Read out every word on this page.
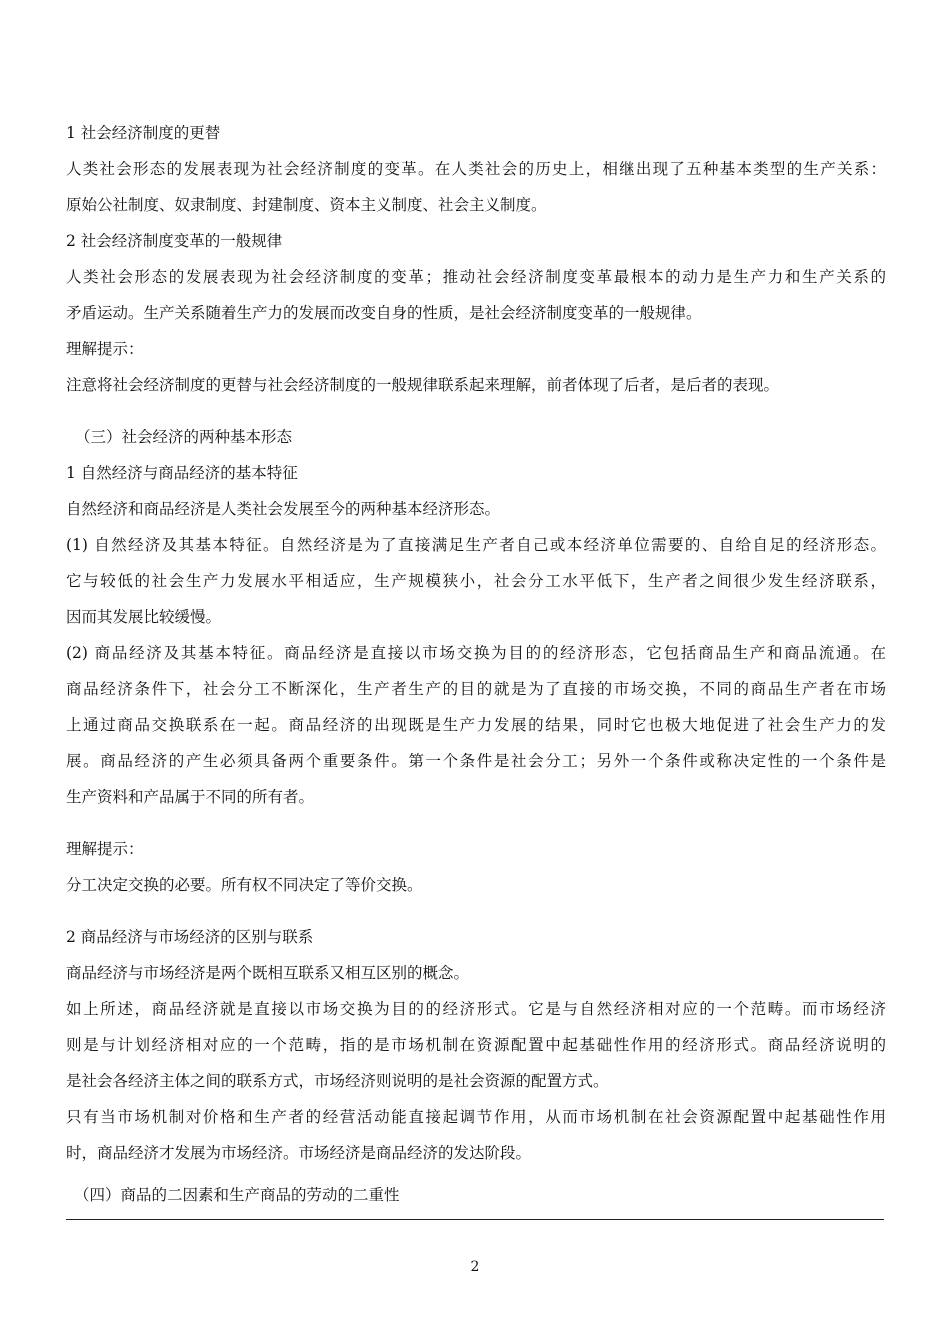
1 社会经济制度的更替
人类社会形态的发展表现为社会经济制度的变革。在人类社会的历史上，相继出现了五种基本类型的生产关系：
原始公社制度、奴隶制度、封建制度、资本主义制度、社会主义制度。
2 社会经济制度变革的一般规律
人类社会形态的发展表现为社会经济制度的变革；推动社会经济制度变革最根本的动力是生产力和生产关系的
矛盾运动。生产关系随着生产力的发展而改变自身的性质，是社会经济制度变革的一般规律。
理解提示：
注意将社会经济制度的更替与社会经济制度的一般规律联系起来理解，前者体现了后者，是后者的表现。
（三）社会经济的两种基本形态
1 自然经济与商品经济的基本特征
自然经济和商品经济是人类社会发展至今的两种基本经济形态。
(1) 自然经济及其基本特征。自然经济是为了直接满足生产者自己或本经济单位需要的、自给自足的经济形态。
它与较低的社会生产力发展水平相适应，生产规模狭小，社会分工水平低下，生产者之间很少发生经济联系，
因而其发展比较缓慢。
(2) 商品经济及其基本特征。商品经济是直接以市场交换为目的的经济形态，它包括商品生产和商品流通。在
商品经济条件下，社会分工不断深化，生产者生产的目的就是为了直接的市场交换，不同的商品生产者在市场
上通过商品交换联系在一起。商品经济的出现既是生产力发展的结果，同时它也极大地促进了社会生产力的发
展。商品经济的产生必须具备两个重要条件。第一个条件是社会分工；另外一个条件或称决定性的一个条件是
生产资料和产品属于不同的所有者。
理解提示：
分工决定交换的必要。所有权不同决定了等价交换。
2 商品经济与市场经济的区别与联系
商品经济与市场经济是两个既相互联系又相互区别的概念。
如上所述，商品经济就是直接以市场交换为目的的经济形式。它是与自然经济相对应的一个范畴。而市场经济
则是与计划经济相对应的一个范畴，指的是市场机制在资源配置中起基础性作用的经济形式。商品经济说明的
是社会各经济主体之间的联系方式，市场经济则说明的是社会资源的配置方式。
只有当市场机制对价格和生产者的经营活动能直接起调节作用，从而市场机制在社会资源配置中起基础性作用
时，商品经济才发展为市场经济。市场经济是商品经济的发达阶段。
（四）商品的二因素和生产商品的劳动的二重性
2
